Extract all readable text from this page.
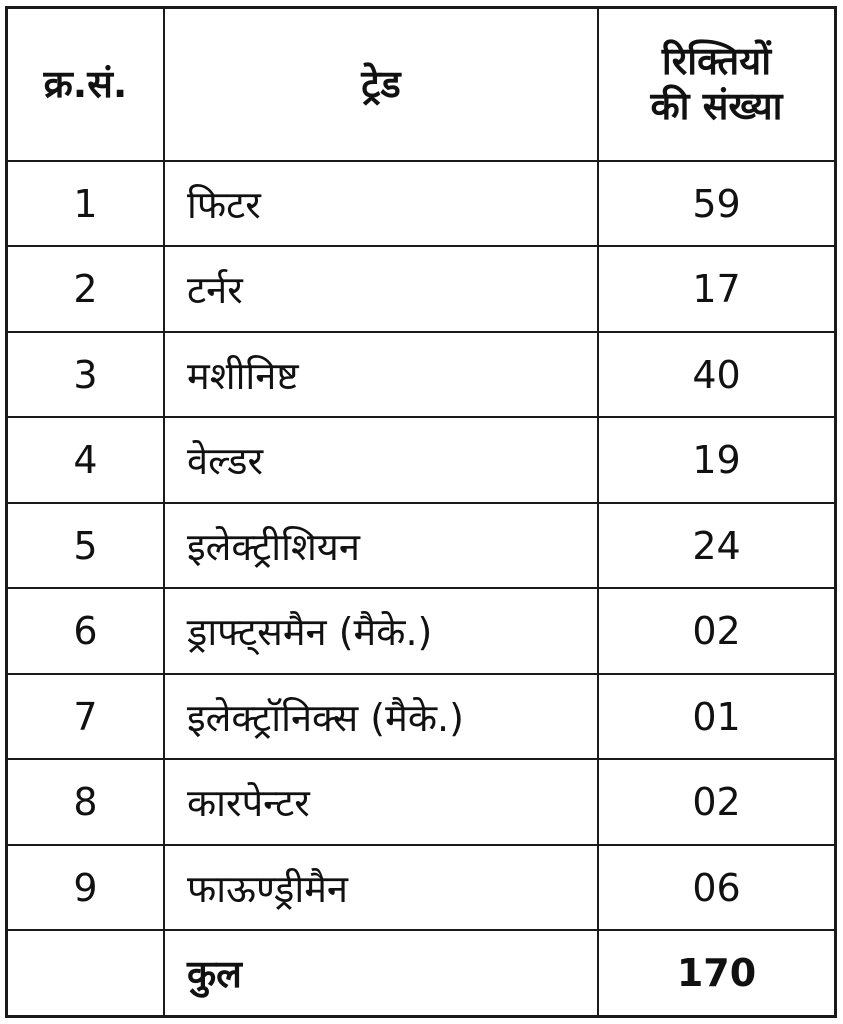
क्र.सं.	ट्रेड	रिक्तियों
की संख्या
1	फिटर	59
2	टर्नर	17
3	मशीनिष्ट	40
4	वेल्डर	19
5	इलेक्ट्रीशियन	24
6	ड्राफ्ट्समैन (मैके.)	02
7	इलेक्ट्रॉनिक्स (मैके.)	01
8	कारपेन्टर	02
9	फाऊण्ड्रीमैन	06
	कुल	170
